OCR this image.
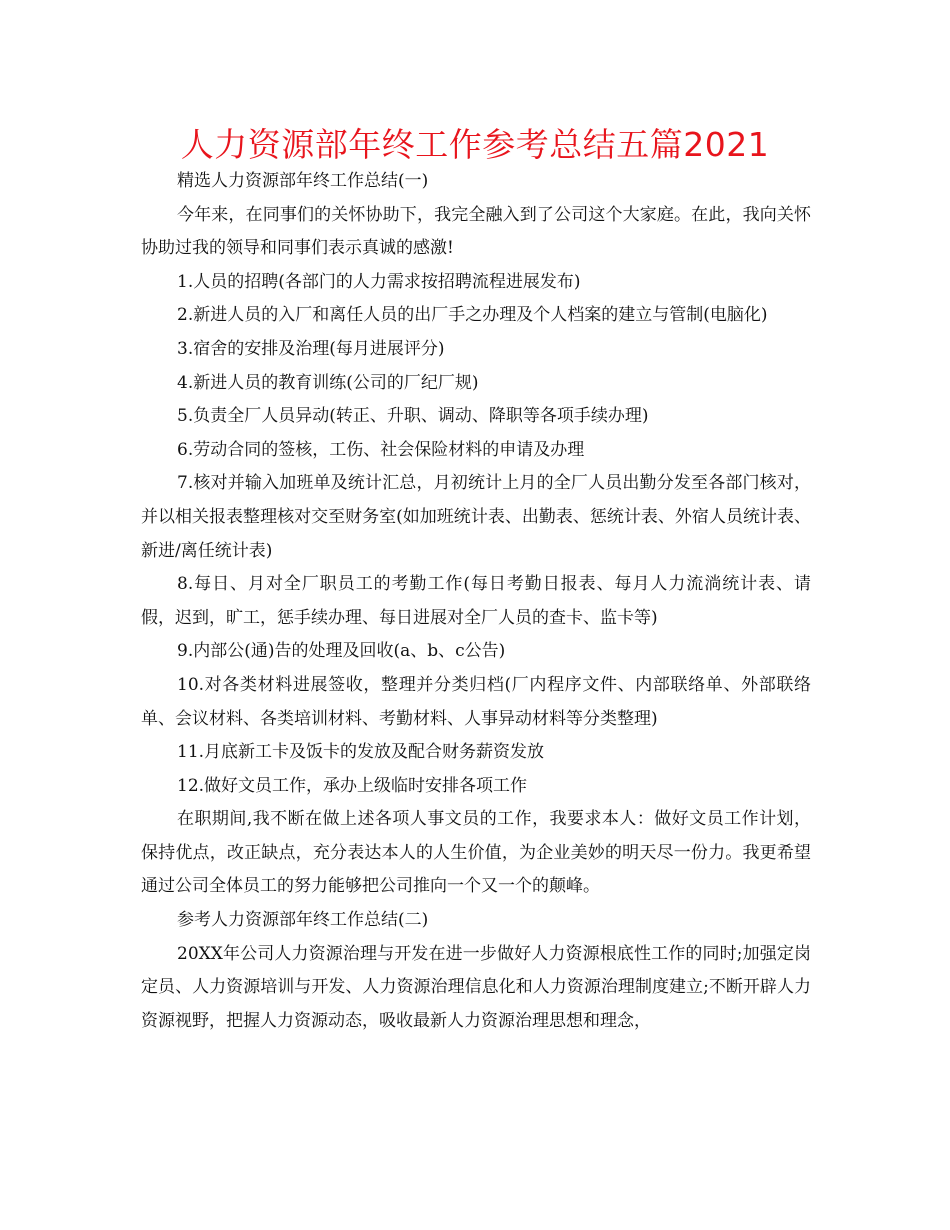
人力资源部年终工作参考总结五篇2021

精选人力资源部年终工作总结(一)

今年来，在同事们的关怀协助下，我完全融入到了公司这个大家庭。在此，我向关怀协助过我的领导和同事们表示真诚的感激!

1.人员的招聘(各部门的人力需求按招聘流程进展发布)

2.新进人员的入厂和离任人员的出厂手之办理及个人档案的建立与管制(电脑化)

3.宿舍的安排及治理(每月进展评分)

4.新进人员的教育训练(公司的厂纪厂规)

5.负责全厂人员异动(转正、升职、调动、降职等各项手续办理)

6.劳动合同的签核，工伤、社会保险材料的申请及办理

7.核对并输入加班单及统计汇总，月初统计上月的全厂人员出勤分发至各部门核对，并以相关报表整理核对交至财务室(如加班统计表、出勤表、惩统计表、外宿人员统计表、新进/离任统计表)

8.每日、月对全厂职员工的考勤工作(每日考勤日报表、每月人力流淌统计表、请假，迟到，旷工，惩手续办理、每日进展对全厂人员的查卡、监卡等)

9.内部公(通)告的处理及回收(a、b、c公告)

10.对各类材料进展签收，整理并分类归档(厂内程序文件、内部联络单、外部联络单、会议材料、各类培训材料、考勤材料、人事异动材料等分类整理)

11.月底新工卡及饭卡的发放及配合财务薪资发放

12.做好文员工作，承办上级临时安排各项工作

在职期间,我不断在做上述各项人事文员的工作，我要求本人：做好文员工作计划，保持优点，改正缺点，充分表达本人的人生价值，为企业美妙的明天尽一份力。我更希望通过公司全体员工的努力能够把公司推向一个又一个的颠峰。

参考人力资源部年终工作总结(二)

20XX年公司人力资源治理与开发在进一步做好人力资源根底性工作的同时;加强定岗定员、人力资源培训与开发、人力资源治理信息化和人力资源治理制度建立;不断开辟人力资源视野，把握人力资源动态，吸收最新人力资源治理思想和理念，
